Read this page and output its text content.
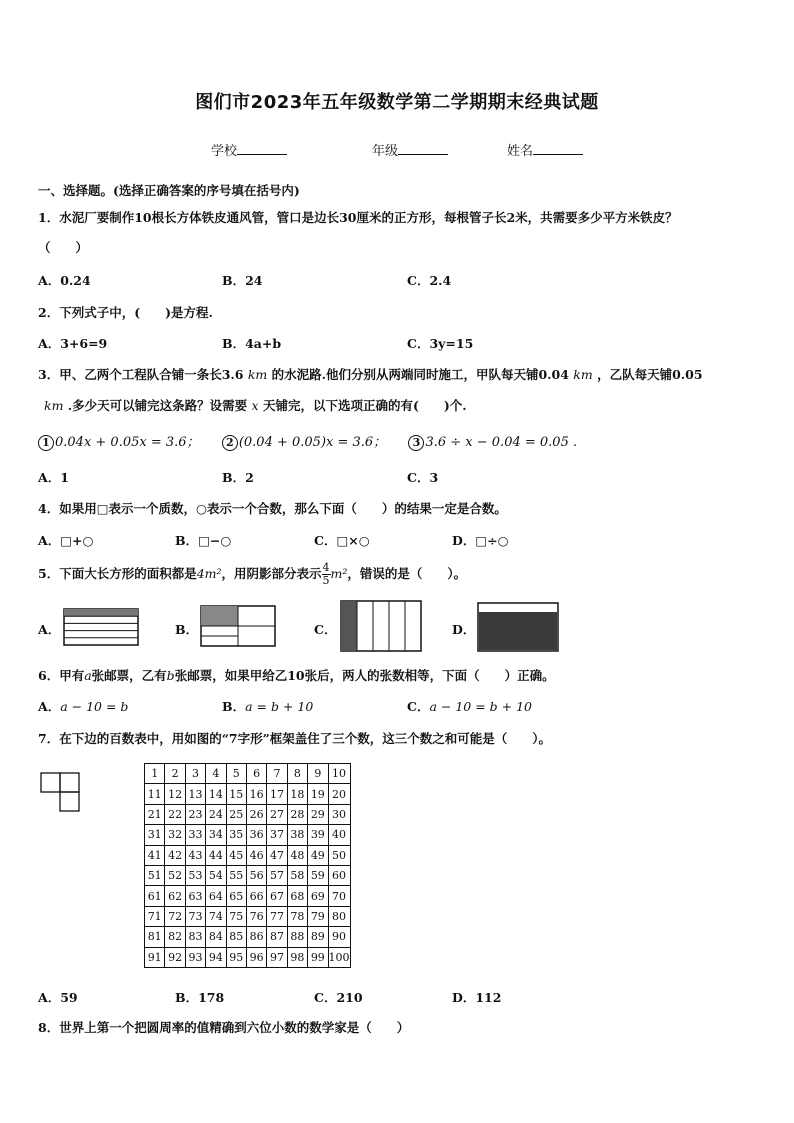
图们市2023年五年级数学第二学期期末经典试题
学校	年级	姓名
一、选择题。(选择正确答案的序号填在括号内)
1．水泥厂要制作10根长方体铁皮通风管，管口是边长30厘米的正方形，每根管子长2米，共需要多少平方米铁皮？
（　　）
A．0.24	B．24	C．2.4
2．下列式子中，(　　)是方程.
A．3+6=9	B．4a+b	C．3y=15
3．甲、乙两个工程队合铺一条长3.6 km 的水泥路.他们分别从两端同时施工，甲队每天铺0.04 km ，乙队每天铺0.05
km .多少天可以铺完这条路？设需要 x 天铺完，以下选项正确的有(　　)个.
1 0.04x + 0.05x = 3.6； 2 (0.04 + 0.05)x = 3.6； 3 3.6 ÷ x − 0.04 = 0.05 .
A．1	B．2	C．3
4．如果用□表示一个质数，○表示一个合数，那么下面（　　）的结果一定是合数。
A．□+○	B．□−○	C．□×○	D．□÷○
5．下面大长方形的面积都是4m²，用阴影部分表示 $\frac{4}{5} m^2$，错误的是（　　）。
A．	B．	C．	D．
6．甲有a张邮票，乙有b张邮票，如果甲给乙10张后，两人的张数相等，下面（　　）正确。
A．a − 10 = b	B．a = b + 10	C．a − 10 = b + 10
7．在下边的百数表中，用如图的“7字形”框架盖住了三个数，这三个数之和可能是（　　）。
1	2	3	4	5	6	7	8	9	10
11	12	13	14	15	16	17	18	19	20
21	22	23	24	25	26	27	28	29	30
31	32	33	34	35	36	37	38	39	40
41	42	43	44	45	46	47	48	49	50
51	52	53	54	55	56	57	58	59	60
61	62	63	64	65	66	67	68	69	70
71	72	73	74	75	76	77	78	79	80
81	82	83	84	85	86	87	88	89	90
91	92	93	94	95	96	97	98	99	100
A．59	B．178	C．210	D．112
8．世界上第一个把圆周率的值精确到六位小数的数学家是（　　）
